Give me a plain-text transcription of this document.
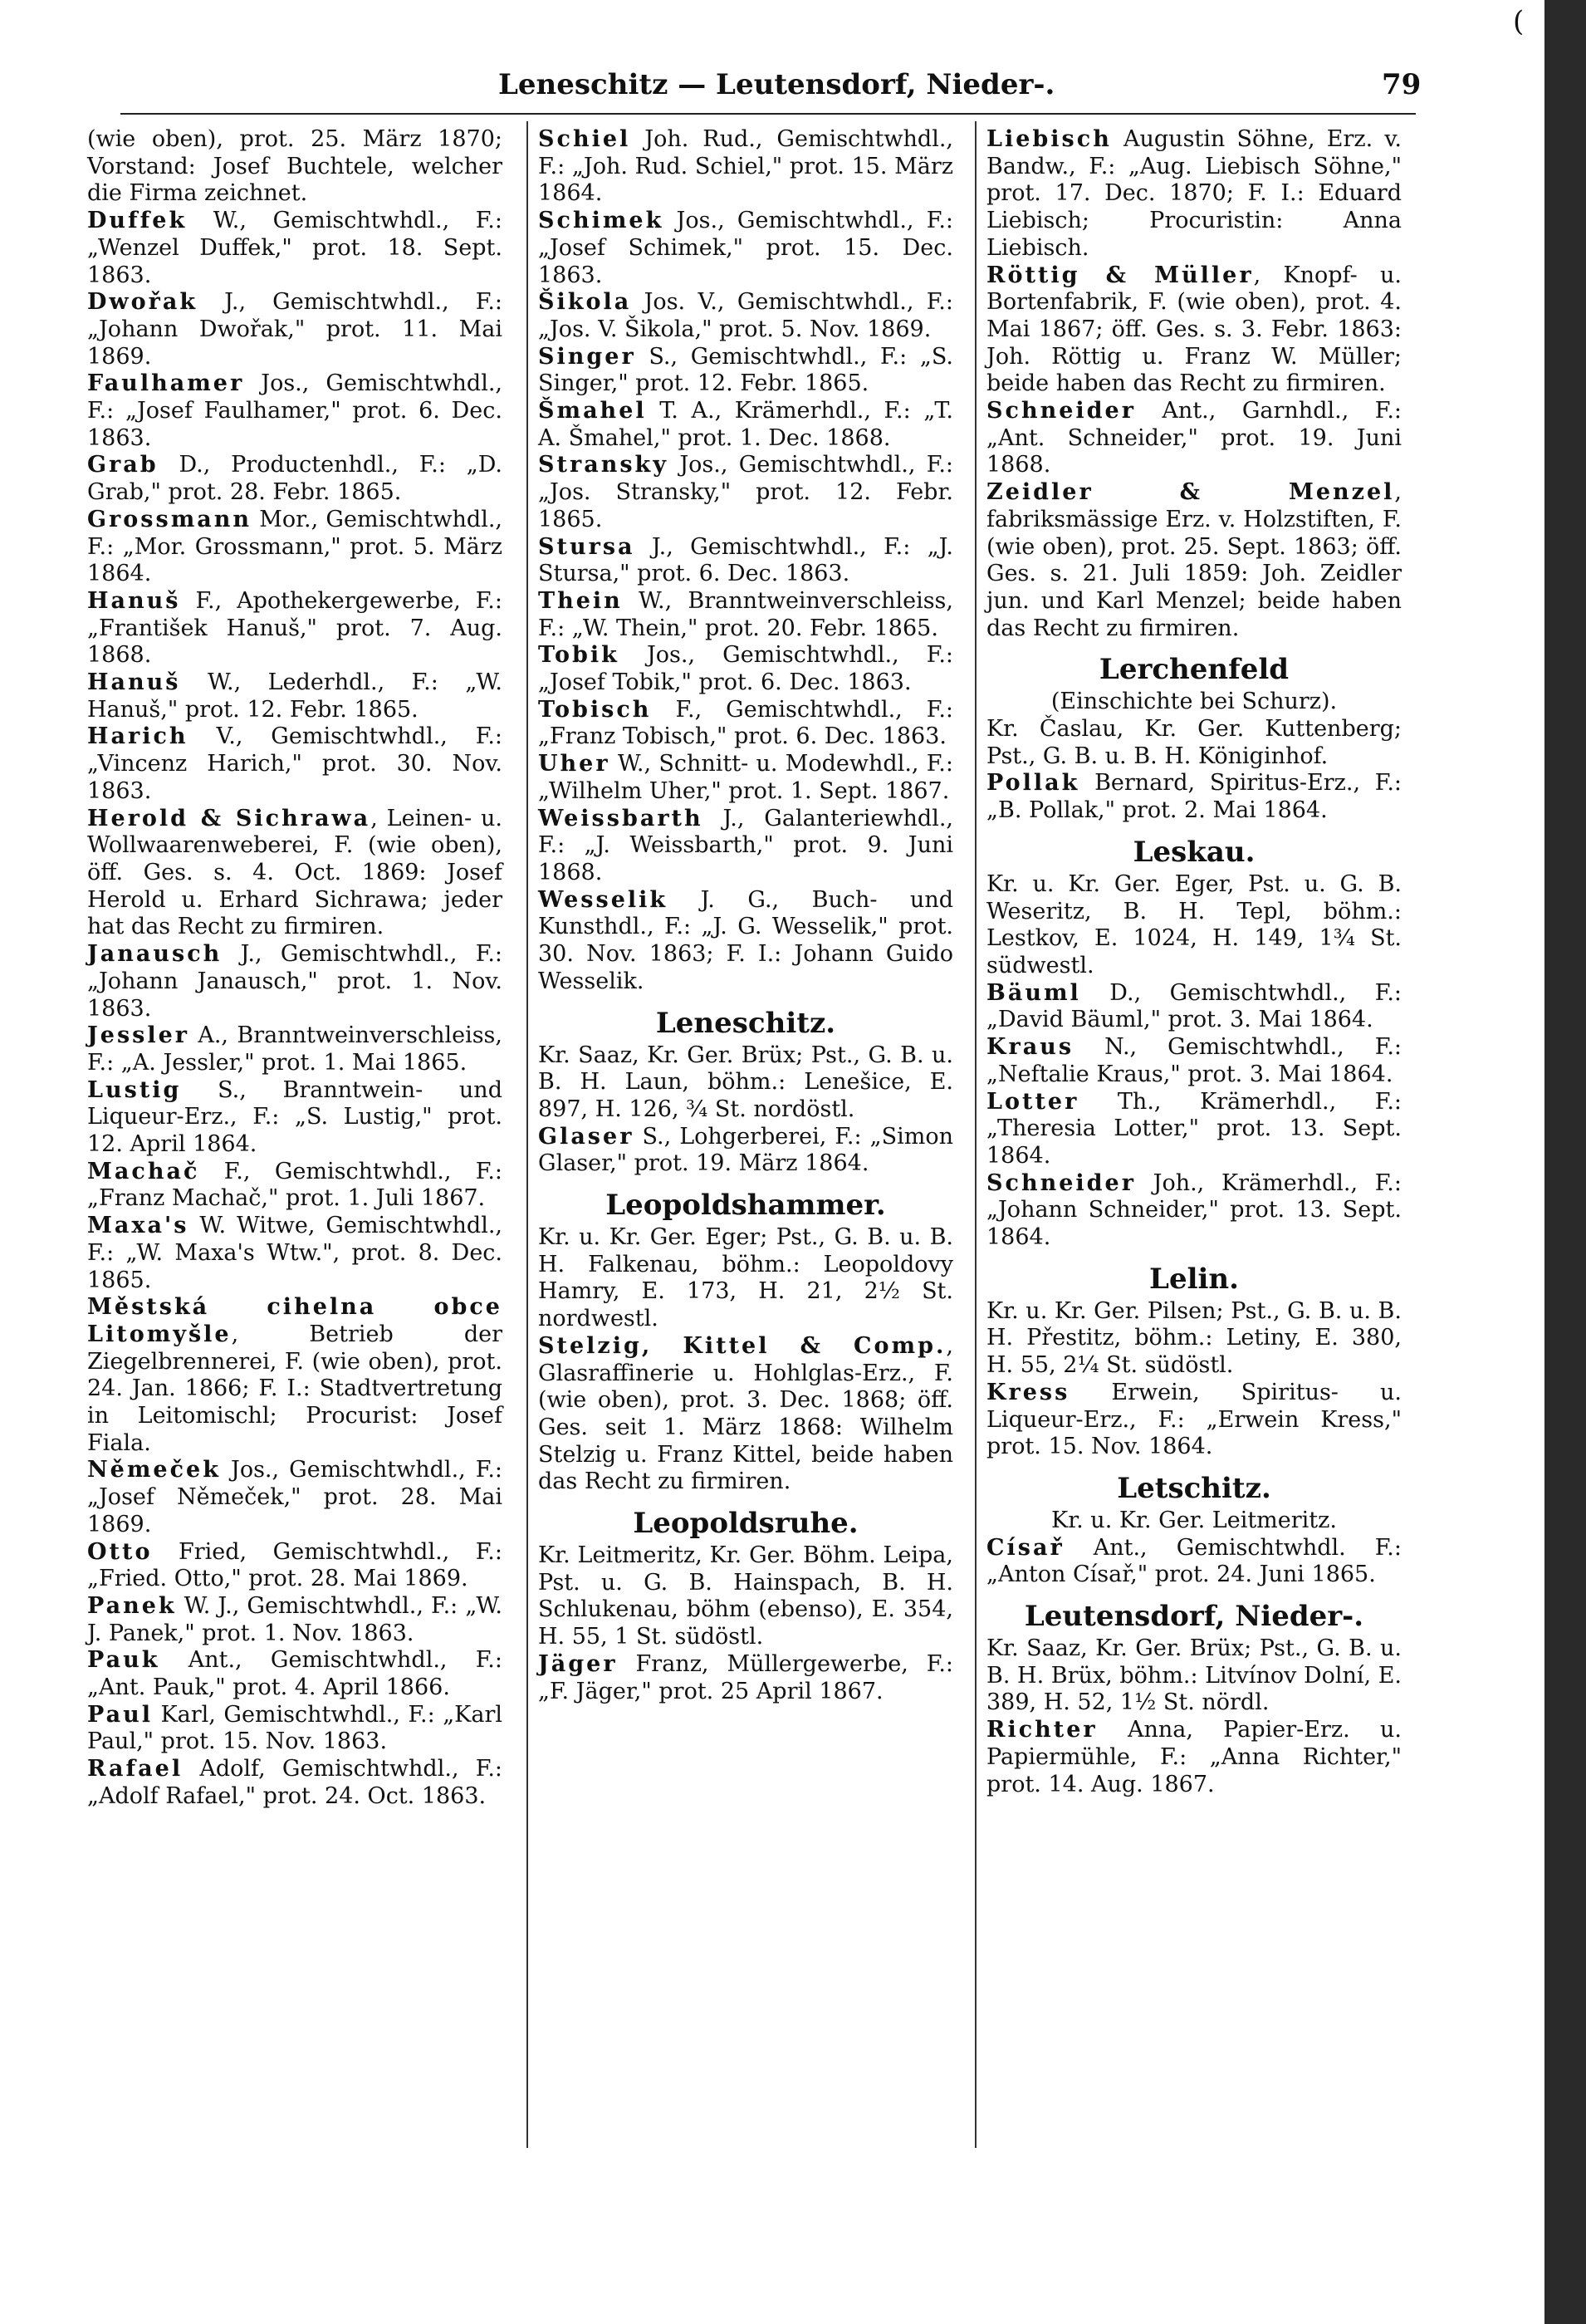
(
Leneschitz — Leutensdorf, Nieder-.	79

(wie oben), prot. 25. März 1870; Vorstand: Josef Buchtele, welcher die Firma zeichnet.

Duffek W., Gemischtwhdl., F.: „Wenzel Duffek," prot. 18. Sept. 1863.

Dwořak J., Gemischtwhdl., F.: „Johann Dwořak," prot. 11. Mai 1869.

Faulhamer Jos., Gemischtwhdl., F.: „Josef Faulhamer," prot. 6. Dec. 1863.

Grab D., Productenhdl., F.: „D. Grab," prot. 28. Febr. 1865.

Grossmann Mor., Gemischtwhdl., F.: „Mor. Grossmann," prot. 5. März 1864.

Hanuš F., Apothekergewerbe, F.: „František Hanuš," prot. 7. Aug. 1868.

Hanuš W., Lederhdl., F.: „W. Hanuš," prot. 12. Febr. 1865.

Harich V., Gemischtwhdl., F.: „Vincenz Harich," prot. 30. Nov. 1863.

Herold & Sichrawa, Leinen- u. Wollwaarenweberei, F. (wie oben), öff. Ges. s. 4. Oct. 1869: Josef Herold u. Erhard Sichrawa; jeder hat das Recht zu firmiren.

Janausch J., Gemischtwhdl., F.: „Johann Janausch," prot. 1. Nov. 1863.

Jessler A., Branntweinverschleiss, F.: „A. Jessler," prot. 1. Mai 1865.

Lustig S., Branntwein- und Liqueur-Erz., F.: „S. Lustig," prot. 12. April 1864.

Machač F., Gemischtwhdl., F.: „Franz Machač," prot. 1. Juli 1867.

Maxa's W. Witwe, Gemischtwhdl., F.: „W. Maxa's Wtw.", prot. 8. Dec. 1865.

Městská cihelna obce Litomyšle, Betrieb der Ziegelbrennerei, F. (wie oben), prot. 24. Jan. 1866; F. I.: Stadtvertretung in Leitomischl; Procurist: Josef Fiala.

Němeček Jos., Gemischtwhdl., F.: „Josef Němeček," prot. 28. Mai 1869.

Otto Fried, Gemischtwhdl., F.: „Fried. Otto," prot. 28. Mai 1869.

Panek W. J., Gemischtwhdl., F.: „W. J. Panek," prot. 1. Nov. 1863.

Pauk Ant., Gemischtwhdl., F.: „Ant. Pauk," prot. 4. April 1866.

Paul Karl, Gemischtwhdl., F.: „Karl Paul," prot. 15. Nov. 1863.

Rafael Adolf, Gemischtwhdl., F.: „Adolf Rafael," prot. 24. Oct. 1863.

Schiel Joh. Rud., Gemischtwhdl., F.: „Joh. Rud. Schiel," prot. 15. März 1864.

Schimek Jos., Gemischtwhdl., F.: „Josef Schimek," prot. 15. Dec. 1863.

Šikola Jos. V., Gemischtwhdl., F.: „Jos. V. Šikola," prot. 5. Nov. 1869.

Singer S., Gemischtwhdl., F.: „S. Singer," prot. 12. Febr. 1865.

Šmahel T. A., Krämerhdl., F.: „T. A. Šmahel," prot. 1. Dec. 1868.

Stransky Jos., Gemischtwhdl., F.: „Jos. Stransky," prot. 12. Febr. 1865.

Stursa J., Gemischtwhdl., F.: „J. Stursa," prot. 6. Dec. 1863.

Thein W., Branntweinverschleiss, F.: „W. Thein," prot. 20. Febr. 1865.

Tobik Jos., Gemischtwhdl., F.: „Josef Tobik," prot. 6. Dec. 1863.

Tobisch F., Gemischtwhdl., F.: „Franz Tobisch," prot. 6. Dec. 1863.

Uher W., Schnitt- u. Modewhdl., F.: „Wilhelm Uher," prot. 1. Sept. 1867.

Weissbarth J., Galanteriewhdl., F.: „J. Weissbarth," prot. 9. Juni 1868.

Wesselik J. G., Buch- und Kunsthdl., F.: „J. G. Wesselik," prot. 30. Nov. 1863; F. I.: Johann Guido Wesselik.

Leneschitz.

Kr. Saaz, Kr. Ger. Brüx; Pst., G. B. u. B. H. Laun, böhm.: Lenešice, E. 897, H. 126, ¾ St. nordöstl.

Glaser S., Lohgerberei, F.: „Simon Glaser," prot. 19. März 1864.

Leopoldshammer.

Kr. u. Kr. Ger. Eger; Pst., G. B. u. B. H. Falkenau, böhm.: Leopoldovy Hamry, E. 173, H. 21, 2½ St. nordwestl.

Stelzig, Kittel & Comp., Glasraffinerie u. Hohlglas-Erz., F. (wie oben), prot. 3. Dec. 1868; öff. Ges. seit 1. März 1868: Wilhelm Stelzig u. Franz Kittel, beide haben das Recht zu firmiren.

Leopoldsruhe.

Kr. Leitmeritz, Kr. Ger. Böhm. Leipa, Pst. u. G. B. Hainspach, B. H. Schlukenau, böhm (ebenso), E. 354, H. 55, 1 St. südöstl.

Jäger Franz, Müllergewerbe, F.: „F. Jäger," prot. 25 April 1867.

Liebisch Augustin Söhne, Erz. v. Bandw., F.: „Aug. Liebisch Söhne," prot. 17. Dec. 1870; F. I.: Eduard Liebisch; Procuristin: Anna Liebisch.

Röttig & Müller, Knopf- u. Bortenfabrik, F. (wie oben), prot. 4. Mai 1867; öff. Ges. s. 3. Febr. 1863: Joh. Röttig u. Franz W. Müller; beide haben das Recht zu firmiren.

Schneider Ant., Garnhdl., F.: „Ant. Schneider," prot. 19. Juni 1868.

Zeidler & Menzel, fabriksmässige Erz. v. Holzstiften, F. (wie oben), prot. 25. Sept. 1863; öff. Ges. s. 21. Juli 1859: Joh. Zeidler jun. und Karl Menzel; beide haben das Recht zu firmiren.

Lerchenfeld

(Einschichte bei Schurz).

Kr. Časlau, Kr. Ger. Kuttenberg; Pst., G. B. u. B. H. Königinhof.

Pollak Bernard, Spiritus-Erz., F.: „B. Pollak," prot. 2. Mai 1864.

Leskau.

Kr. u. Kr. Ger. Eger, Pst. u. G. B. Weseritz, B. H. Tepl, böhm.: Lestkov, E. 1024, H. 149, 1¾ St. südwestl.

Bäuml D., Gemischtwhdl., F.: „David Bäuml," prot. 3. Mai 1864.

Kraus N., Gemischtwhdl., F.: „Neftalie Kraus," prot. 3. Mai 1864.

Lotter Th., Krämerhdl., F.: „Theresia Lotter," prot. 13. Sept. 1864.

Schneider Joh., Krämerhdl., F.: „Johann Schneider," prot. 13. Sept. 1864.

Lelin.

Kr. u. Kr. Ger. Pilsen; Pst., G. B. u. B. H. Přestitz, böhm.: Letiny, E. 380, H. 55, 2¼ St. südöstl.

Kress Erwein, Spiritus- u. Liqueur-Erz., F.: „Erwein Kress," prot. 15. Nov. 1864.

Letschitz.

Kr. u. Kr. Ger. Leitmeritz.

Císař Ant., Gemischtwhdl. F.: „Anton Císař," prot. 24. Juni 1865.

Leutensdorf, Nieder-.

Kr. Saaz, Kr. Ger. Brüx; Pst., G. B. u. B. H. Brüx, böhm.: Litvínov Dolní, E. 389, H. 52, 1½ St. nördl.

Richter Anna, Papier-Erz. u. Papiermühle, F.: „Anna Richter," prot. 14. Aug. 1867.
